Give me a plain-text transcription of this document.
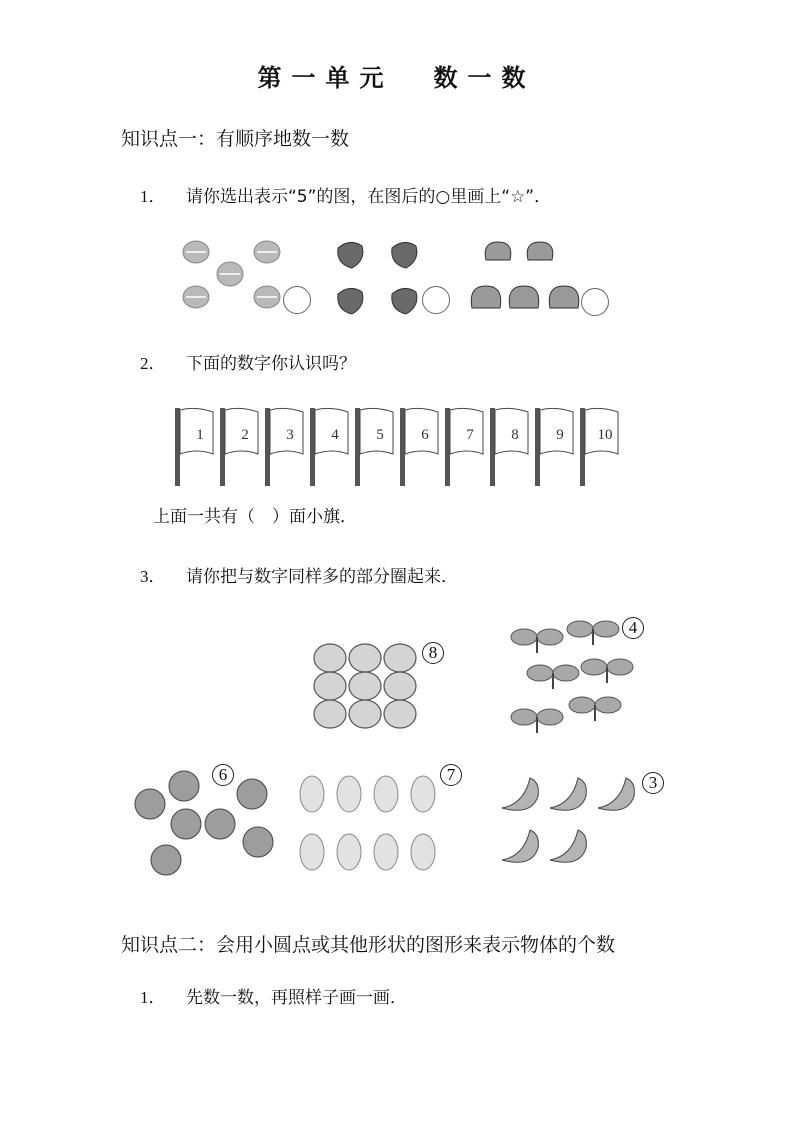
第一单元 数一数
知识点一：有顺序地数一数
1． 请你选出表示“5”的图，在图后的○里画上“☆”．
2． 下面的数字你认识吗？
1	2	3	4	5	6	7	8	9	10
上面一共有（　）面小旗．
3． 请你把与数字同样多的部分圈起来．
8
4
6	7	3
知识点二：会用小圆点或其他形状的图形来表示物体的个数
1． 先数一数，再照样子画一画．
